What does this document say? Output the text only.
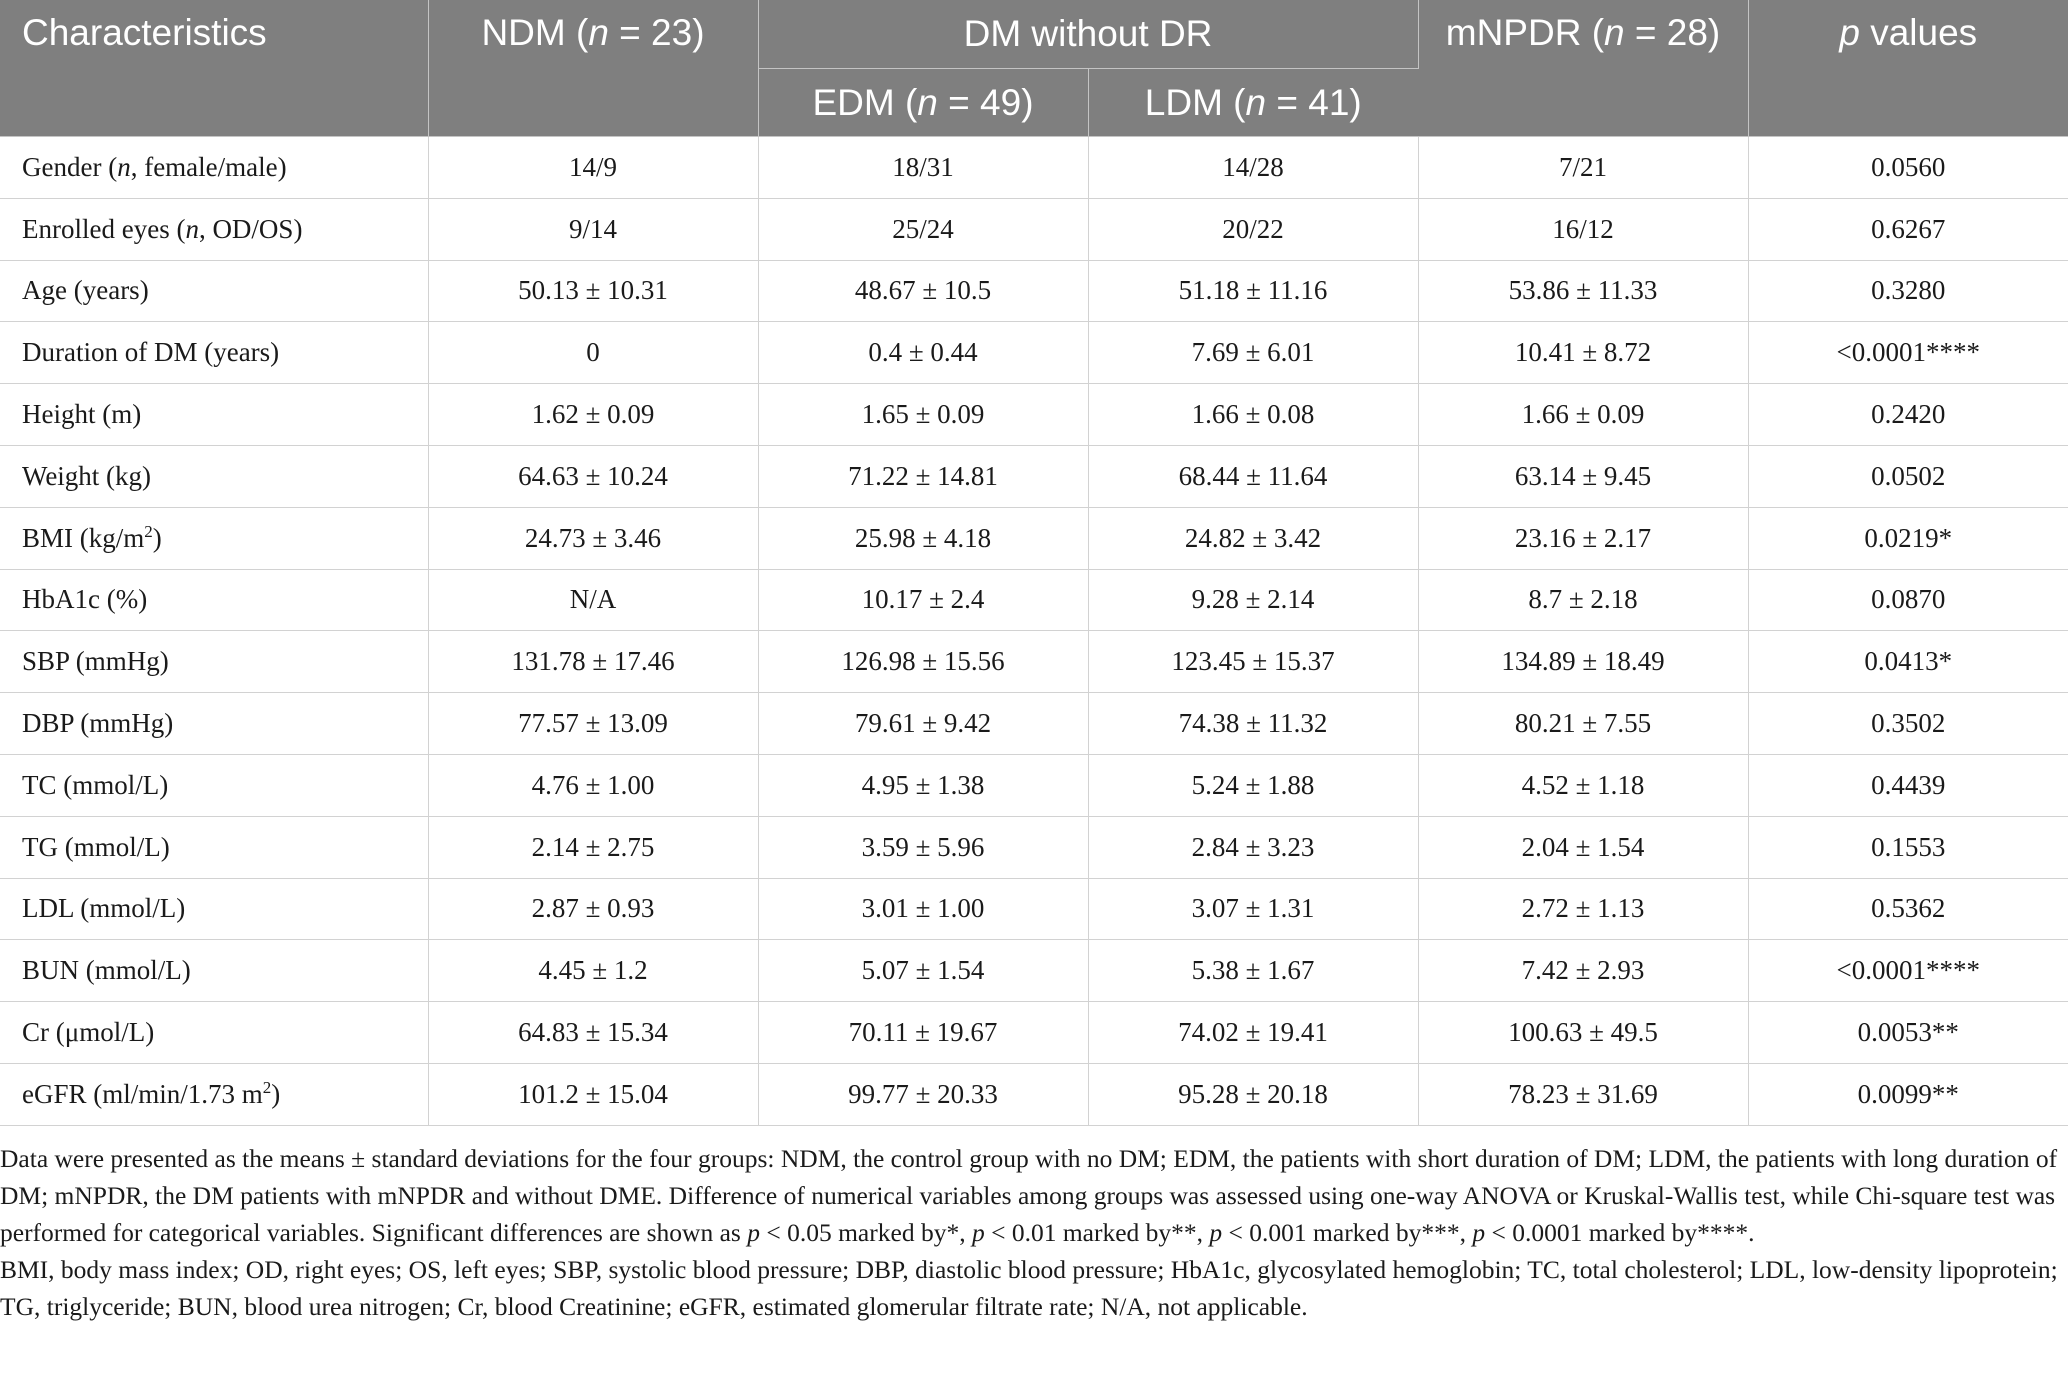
Characteristics	NDM (n = 23)	DM without DR		mNPDR (n = 28)	p values
		EDM (n = 49)	LDM (n = 41)		
Gender (n, female/male)	14/9	18/31	14/28	7/21	0.0560
Enrolled eyes (n, OD/OS)	9/14	25/24	20/22	16/12	0.6267
Age (years)	50.13 ± 10.31	48.67 ± 10.5	51.18 ± 11.16	53.86 ± 11.33	0.3280
Duration of DM (years)	0	0.4 ± 0.44	7.69 ± 6.01	10.41 ± 8.72	<0.0001****
Height (m)	1.62 ± 0.09	1.65 ± 0.09	1.66 ± 0.08	1.66 ± 0.09	0.2420
Weight (kg)	64.63 ± 10.24	71.22 ± 14.81	68.44 ± 11.64	63.14 ± 9.45	0.0502
BMI $(kg/m^2)$	24.73 ± 3.46	25.98 ± 4.18	24.82 ± 3.42	23.16 ± 2.17	0.0219*
HbA1c (%)	N/A	10.17 ± 2.4	9.28 ± 2.14	8.7 ± 2.18	0.0870
SBP (mmHg)	131.78 ± 17.46	126.98 ± 15.56	123.45 ± 15.37	134.89 ± 18.49	0.0413*
DBP (mmHg)	77.57 ± 13.09	79.61 ± 9.42	74.38 ± 11.32	80.21 ± 7.55	0.3502
TC (mmol/L)	4.76 ± 1.00	4.95 ± 1.38	5.24 ± 1.88	4.52 ± 1.18	0.4439
TG (mmol/L)	2.14 ± 2.75	3.59 ± 5.96	2.84 ± 3.23	2.04 ± 1.54	0.1553
LDL (mmol/L)	2.87 ± 0.93	3.01 ± 1.00	3.07 ± 1.31	2.72 ± 1.13	0.5362
BUN (mmol/L)	4.45 ± 1.2	5.07 ± 1.54	5.38 ± 1.67	7.42 ± 2.93	<0.0001****
Cr (μmol/L)	64.83 ± 15.34	70.11 ± 19.67	74.02 ± 19.41	100.63 ± 49.5	0.0053**
eGFR (ml/min/1.73 $m^2$)	101.2 ± 15.04	99.77 ± 20.33	95.28 ± 20.18	78.23 ± 31.69	0.0099**

Data were presented as the means ± standard deviations for the four groups: NDM, the control group with no DM; EDM, the patients with short duration of DM; LDM, the patients with long duration of DM; mNPDR, the DM patients with mNPDR and without DME. Difference of numerical variables among groups was assessed using one-way ANOVA or Kruskal-Wallis test, while Chi-square test was performed for categorical variables. Significant differences are shown as p < 0.05 marked by*, p < 0.01 marked by**, p < 0.001 marked by***, p < 0.0001 marked by****.

BMI, body mass index; OD, right eyes; OS, left eyes; SBP, systolic blood pressure; DBP, diastolic blood pressure; HbA1c, glycosylated hemoglobin; TC, total cholesterol; LDL, low-density lipoprotein; TG, triglyceride; BUN, blood urea nitrogen; Cr, blood Creatinine; eGFR, estimated glomerular filtrate rate; N/A, not applicable.
